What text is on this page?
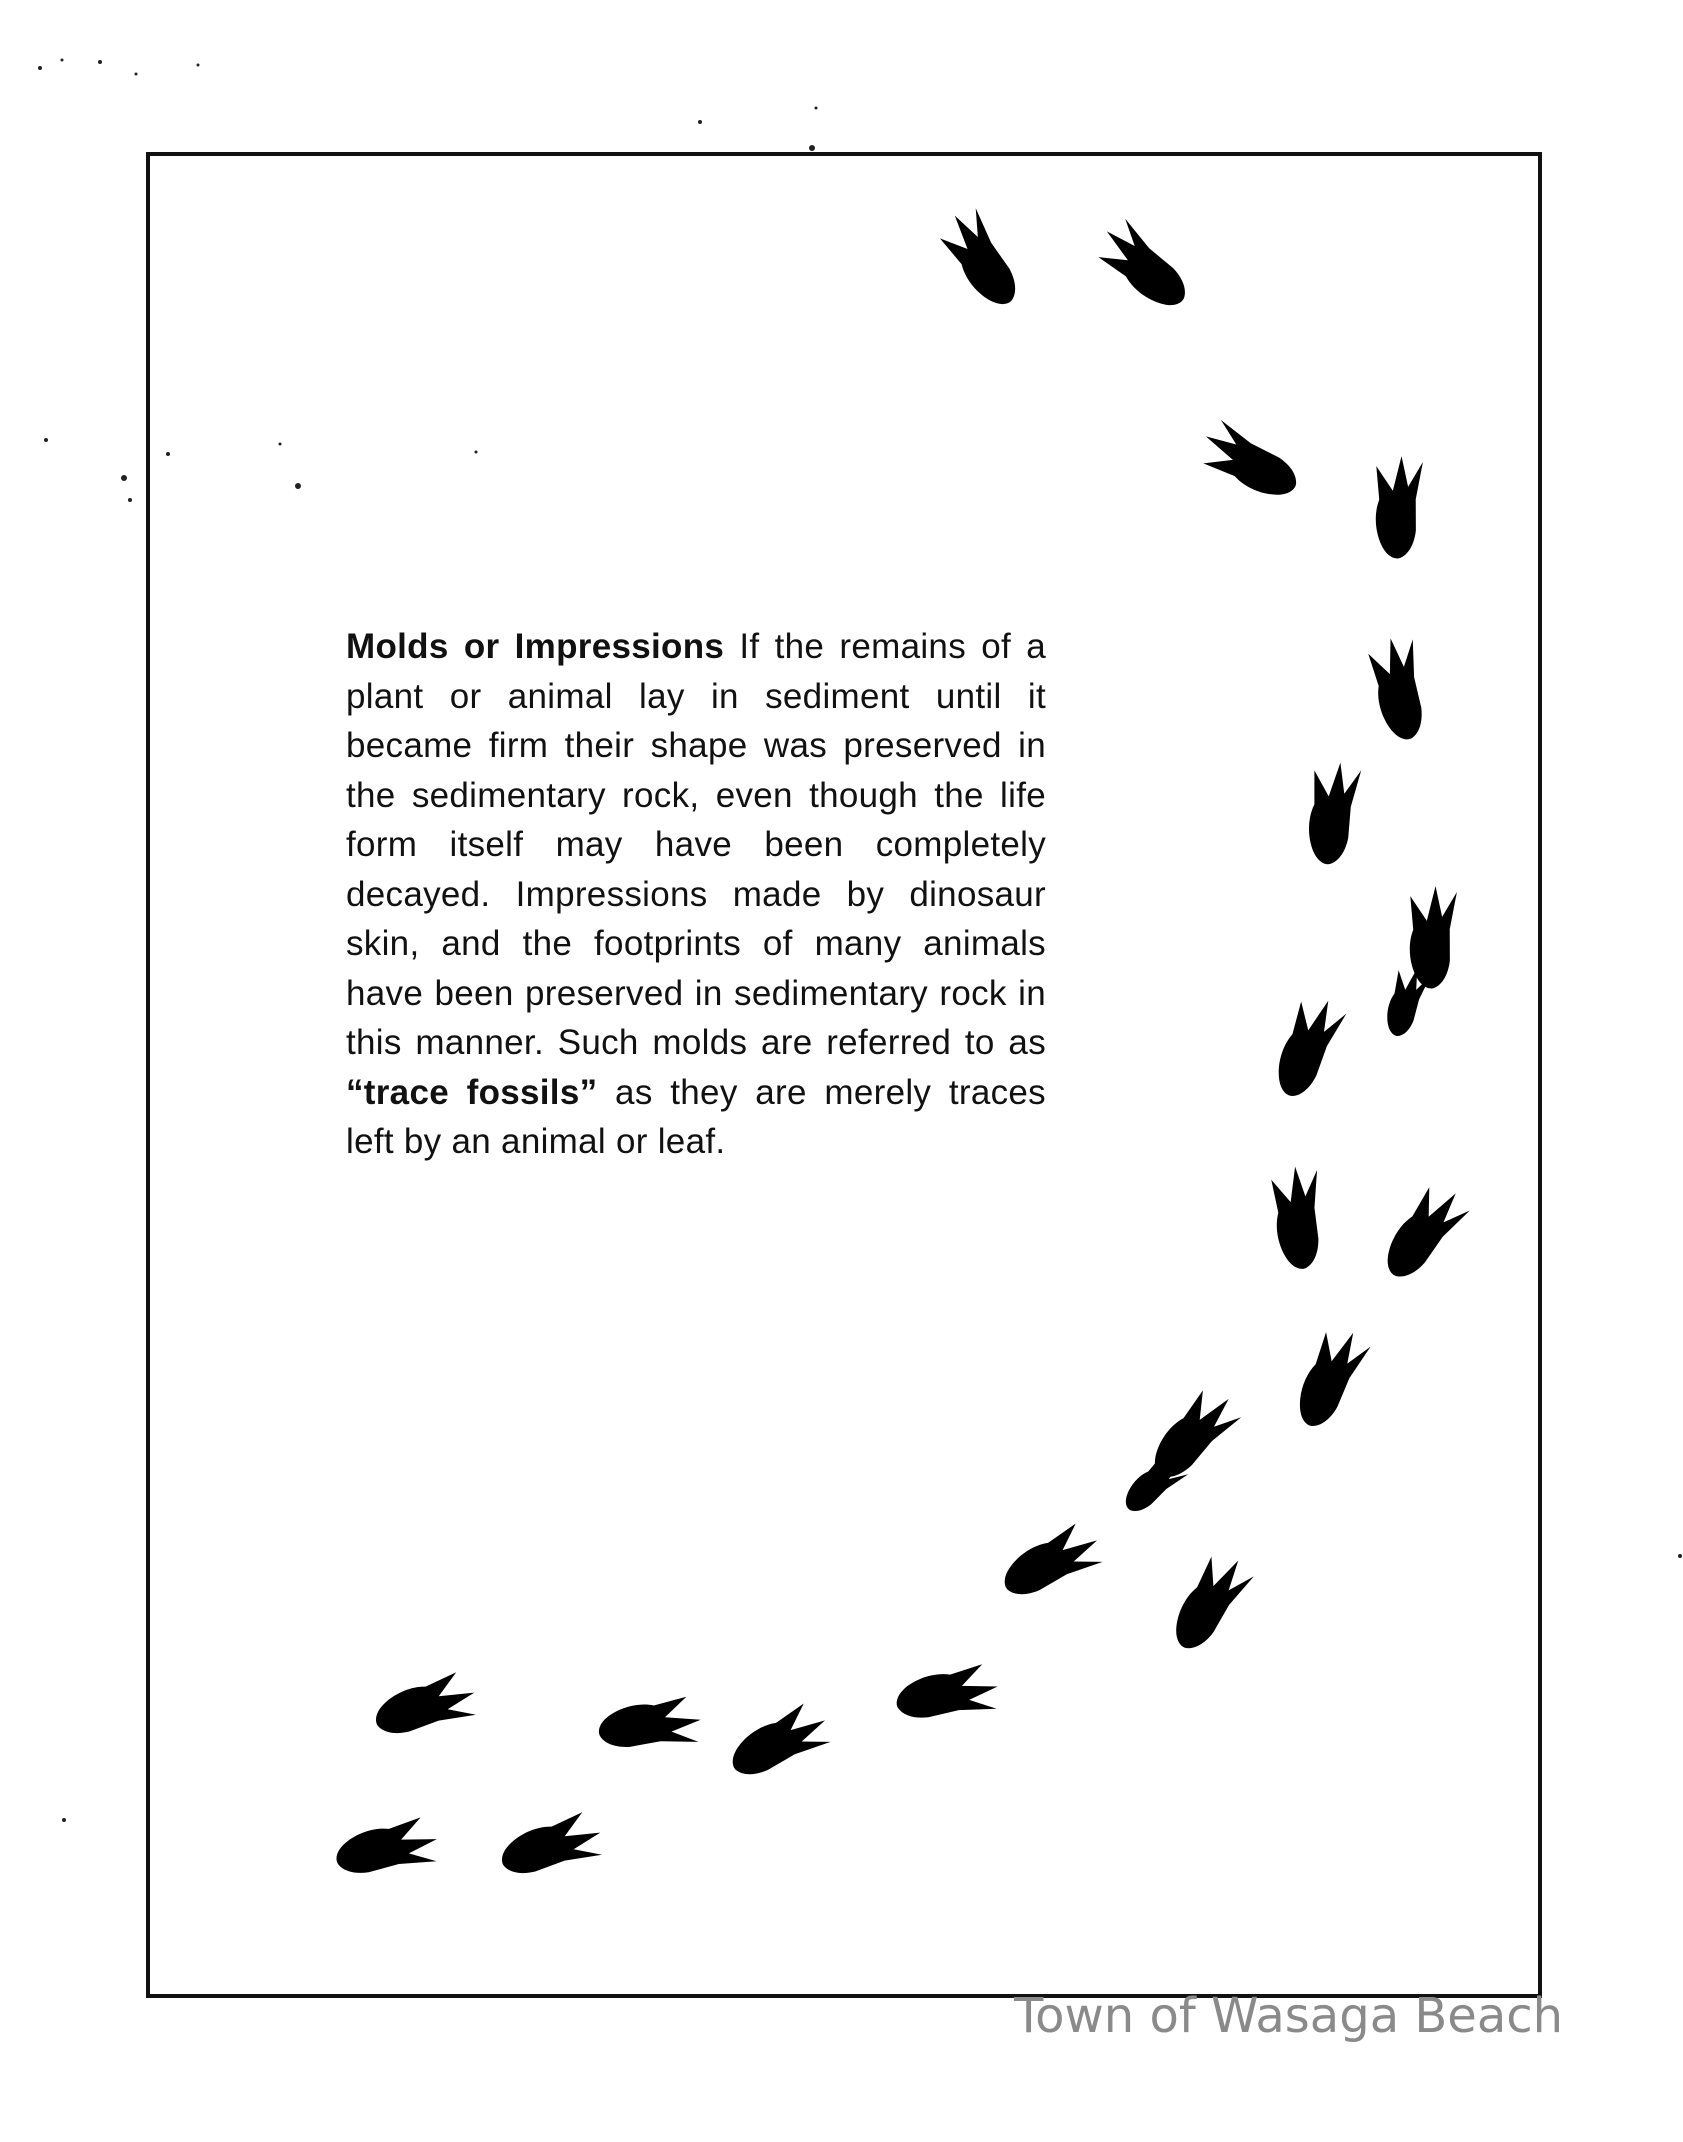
Molds or Impressions If the remains of a plant or animal lay in sediment until it became firm their shape was preserved in the sedimentary rock, even though the life form itself may have been completely decayed. Impressions made by dinosaur skin, and the footprints of many animals have been preserved in sedimentary rock in this manner. Such molds are referred to as “trace fossils” as they are merely traces left by an animal or leaf.
Town of Wasaga Beach
